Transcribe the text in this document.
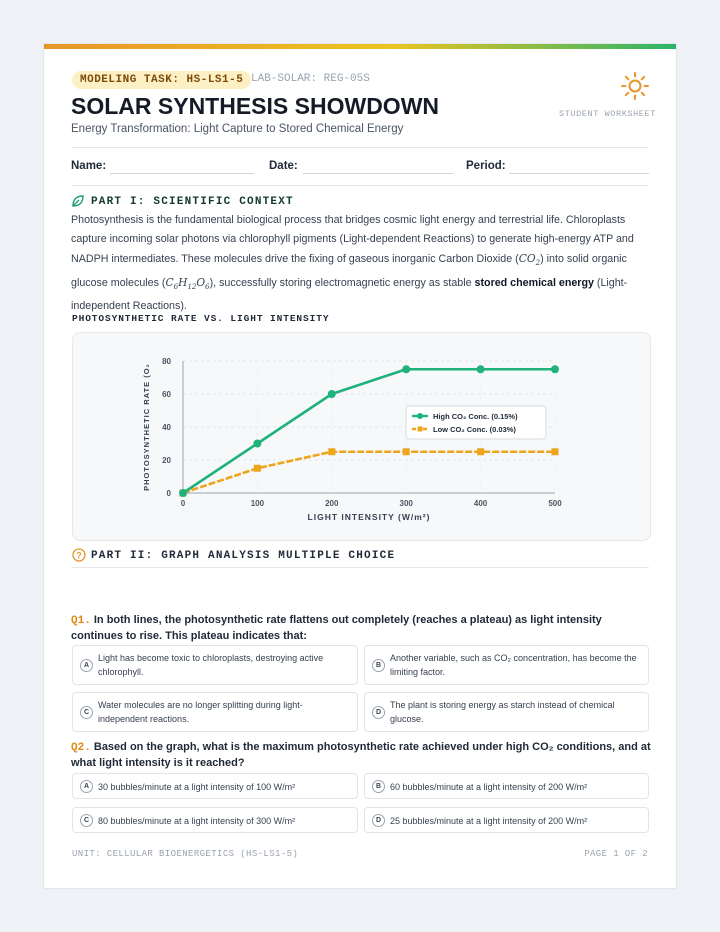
MODELING TASK: HS-LS1-5 LAB-SOLAR: REG-05S
SOLAR SYNTHESIS SHOWDOWN	STUDENT WORKSHEET
Energy Transformation: Light Capture to Stored Chemical Energy
Name:	Date:	Period:
PART I: SCIENTIFIC CONTEXT
Photosynthesis is the fundamental biological process that bridges cosmic light energy and terrestrial life. Chloroplasts capture incoming solar photons via chlorophyll pigments (Light-dependent Reactions) to generate high-energy ATP and NADPH intermediates. These molecules drive the fixing of gaseous inorganic Carbon Dioxide $(CO_2)$ into solid organic glucose molecules $(C_6H_{12}O_6)$, successfully storing electromagnetic energy as stable stored chemical energy (Light-independent Reactions).
PHOTOSYNTHETIC RATE VS. LIGHT INTENSITY
0
20
40
60
80
0	100	200	300	400	500
LIGHT INTENSITY (W/m²)
PHOTOSYNTHETIC RATE (O₂	High CO₂ Conc. (0.15%)
Low CO₂ Conc. (0.03%)
? PART II: GRAPH ANALYSIS MULTIPLE CHOICE
Q1. In both lines, the photosynthetic rate flattens out completely (reaches a plateau) as light intensity continues to rise. This plateau indicates that:
A
Light has become toxic to chloroplasts, destroying active chlorophyll.
B
Another variable, such as CO₂ concentration, has become the limiting factor.
C
Water molecules are no longer splitting during light-independent reactions.
D
The plant is storing energy as starch instead of chemical glucose.
Q2. Based on the graph, what is the maximum photosynthetic rate achieved under high CO₂ conditions, and at what light intensity is it reached?
A 30 bubbles/minute at a light intensity of 100 W/m²	B 60 bubbles/minute at a light intensity of 200 W/m²
C 80 bubbles/minute at a light intensity of 300 W/m²	D 25 bubbles/minute at a light intensity of 200 W/m²
UNIT: CELLULAR BIOENERGETICS (HS-LS1-5)	PAGE 1 OF 2
